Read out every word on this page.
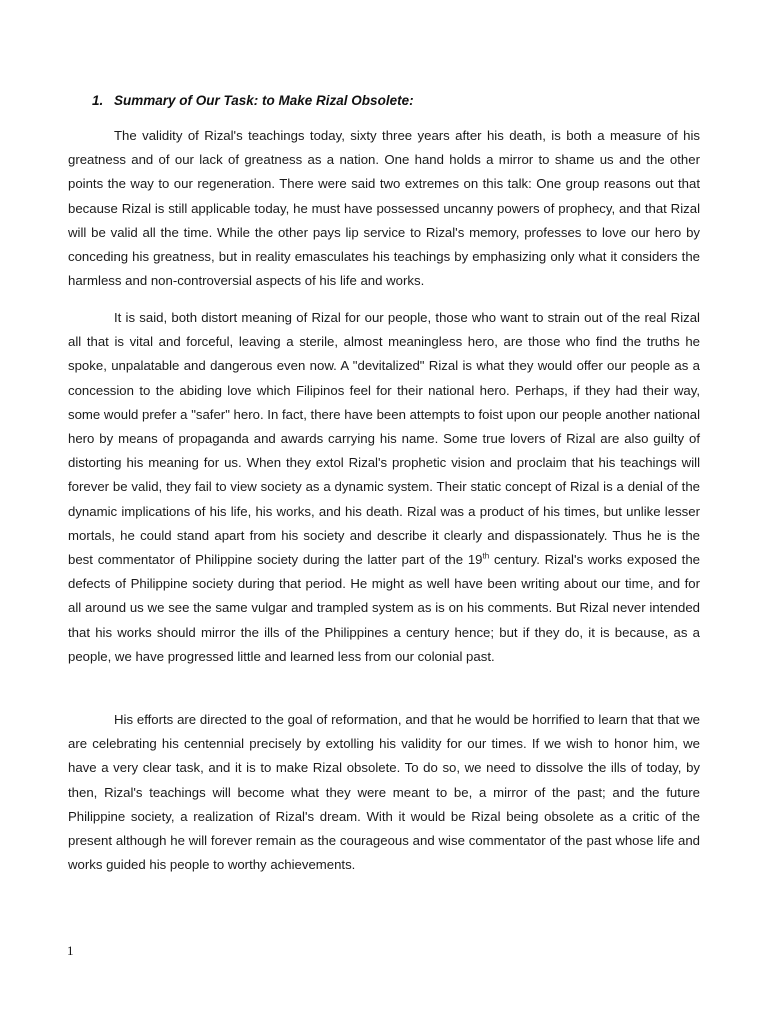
1. Summary of Our Task: to Make Rizal Obsolete:

The validity of Rizal's teachings today, sixty three years after his death, is both a measure of his greatness and of our lack of greatness as a nation. One hand holds a mirror to shame us and the other points the way to our regeneration. There were said two extremes on this talk: One group reasons out that because Rizal is still applicable today, he must have possessed uncanny powers of prophecy, and that Rizal will be valid all the time. While the other pays lip service to Rizal's memory, professes to love our hero by conceding his greatness, but in reality emasculates his teachings by emphasizing only what it considers the harmless and non-controversial aspects of his life and works.

It is said, both distort meaning of Rizal for our people, those who want to strain out of the real Rizal all that is vital and forceful, leaving a sterile, almost meaningless hero, are those who find the truths he spoke, unpalatable and dangerous even now. A "devitalized" Rizal is what they would offer our people as a concession to the abiding love which Filipinos feel for their national hero. Perhaps, if they had their way, some would prefer a "safer" hero. In fact, there have been attempts to foist upon our people another national hero by means of propaganda and awards carrying his name. Some true lovers of Rizal are also guilty of distorting his meaning for us. When they extol Rizal's prophetic vision and proclaim that his teachings will forever be valid, they fail to view society as a dynamic system. Their static concept of Rizal is a denial of the dynamic implications of his life, his works, and his death. Rizal was a product of his times, but unlike lesser mortals, he could stand apart from his society and describe it clearly and dispassionately. Thus he is the best commentator of Philippine society during the latter part of the 19th century. Rizal's works exposed the defects of Philippine society during that period. He might as well have been writing about our time, and for all around us we see the same vulgar and trampled system as is on his comments. But Rizal never intended that his works should mirror the ills of the Philippines a century hence; but if they do, it is because, as a people, we have progressed little and learned less from our colonial past.

His efforts are directed to the goal of reformation, and that he would be horrified to learn that that we are celebrating his centennial precisely by extolling his validity for our times. If we wish to honor him, we have a very clear task, and it is to make Rizal obsolete. To do so, we need to dissolve the ills of today, by then, Rizal's teachings will become what they were meant to be, a mirror of the past; and the future Philippine society, a realization of Rizal's dream. With it would be Rizal being obsolete as a critic of the present although he will forever remain as the courageous and wise commentator of the past whose life and works guided his people to worthy achievements.

1
